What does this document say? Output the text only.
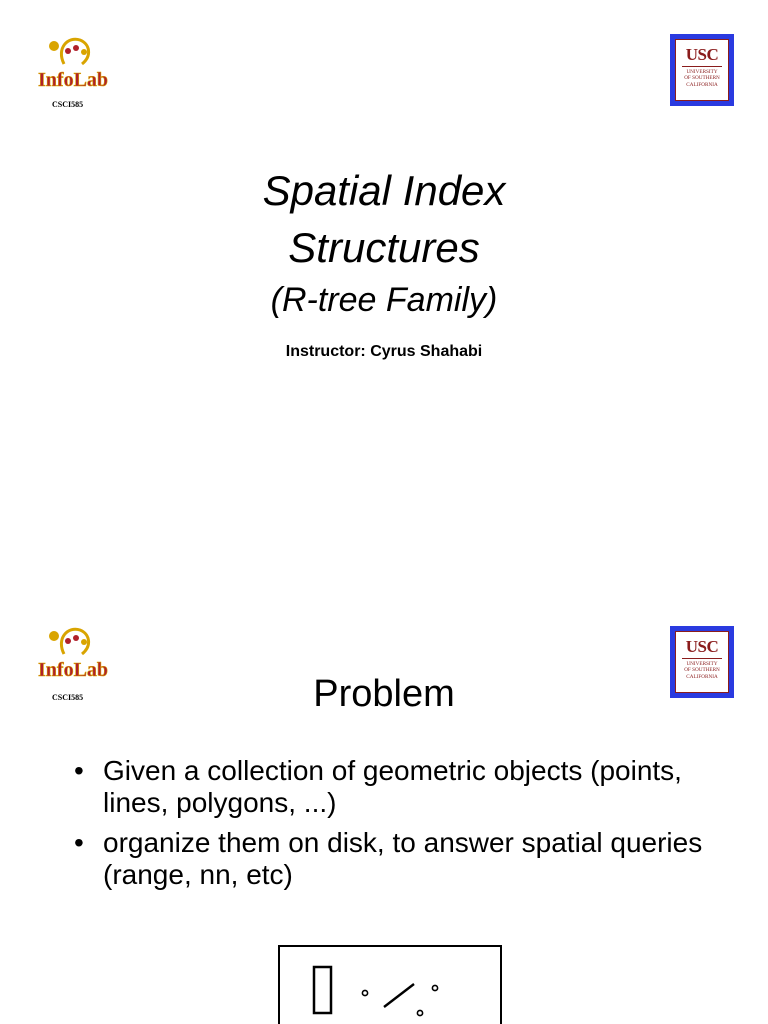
InfoLab
CSCI585
USC
UNIVERSITY
OF SOUTHERN
CALIFORNIA
Spatial Index
Structures
(R-tree Family)
Instructor: Cyrus Shahabi
InfoLab
CSCI585
USC
UNIVERSITY
OF SOUTHERN
CALIFORNIA
Problem
• Given a collection of geometric objects (points, lines, polygons, ...)
• organize them on disk, to answer spatial queries (range, nn, etc)
